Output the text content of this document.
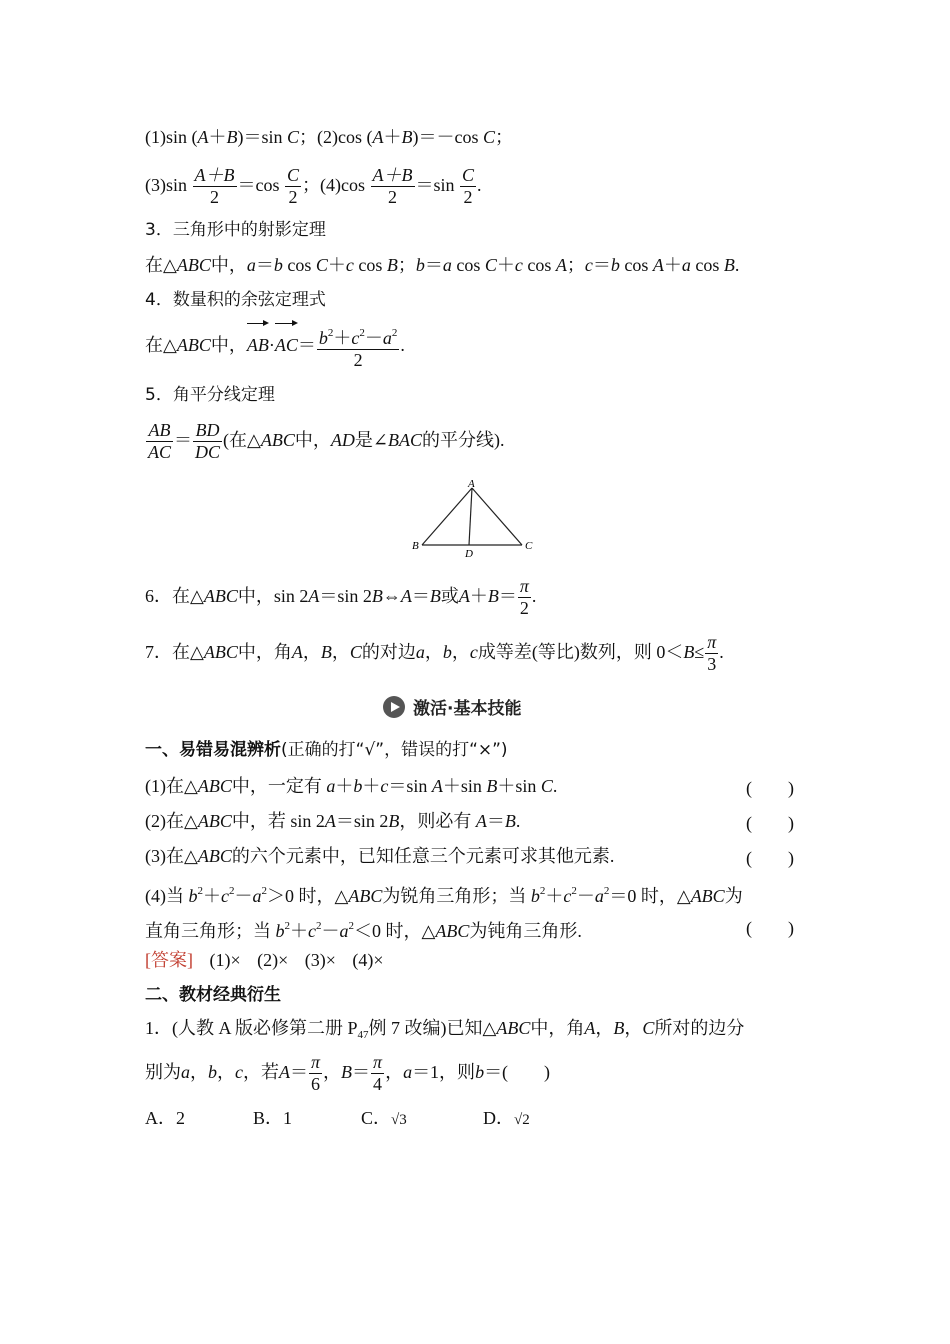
(1)sin (A＋B)＝sin C；(2)cos (A＋B)＝－cos C；
$(3)\sin \frac{A+B}{2} =\cos \frac{C}{2}$ ；$(4)\cos \frac{A+B}{2} =\sin \frac{C}{2}$ .
3．三角形中的射影定理
在△ABC中，a＝b cos C＋c cos B；b＝a cos C＋c cos A；c＝b cos A＋a cos B.
4．数量积的余弦定理式
在△ABC中，$AB\cdot AC= \frac{b^2+c^2-a^2}{2}$ .
5．角平分线定理
$\frac{AB}{AC} = \frac{BD}{DC}$ (在△ABC中，AD是∠BAC的平分线).
A
B	C
D
6．在△ABC中，sin 2A＝sin 2B⇔A＝B或$A+B= \frac{\pi}{2}$ .
7．在△ABC中，角A，B，C的对边a，b，c成等差(等比)数列，则 $0<B\le \frac{\pi}{3}$ .
激活·基本技能
一、易错易混辨析(正确的打“√”，错误的打“×”)
(1)在△ABC中，一定有 a＋b＋c＝sin A＋sin B＋sin C.	(　　)
(2)在△ABC中，若 sin 2A＝sin 2B，则必有 A＝B.	(　　)
(3)在△ABC的六个元素中，已知任意三个元素可求其他元素.	(　　)
(4)当 $b^2+c^2-a^2>0$ 时，△ABC为锐角三角形；当 $b^2+c^2-a^2=0$ 时，△ABC为
直角三角形；当 $b^2+c^2-a^2<0$ 时，△ABC为钝角三角形.	(　　)
[答案] (1)× (2)× (3)× (4)×
二、教材经典衍生
1．(人教 A 版必修第二册 $P_{47}$例 7 改编)已知△ABC中，角A，B，C所对的边分
别为a，b，c，若$A= \frac{\pi}{6}$ ，$B= \frac{\pi}{4}$ ，a＝1，则b＝(　　)
A．2	B．1	C．√3	D．√2
